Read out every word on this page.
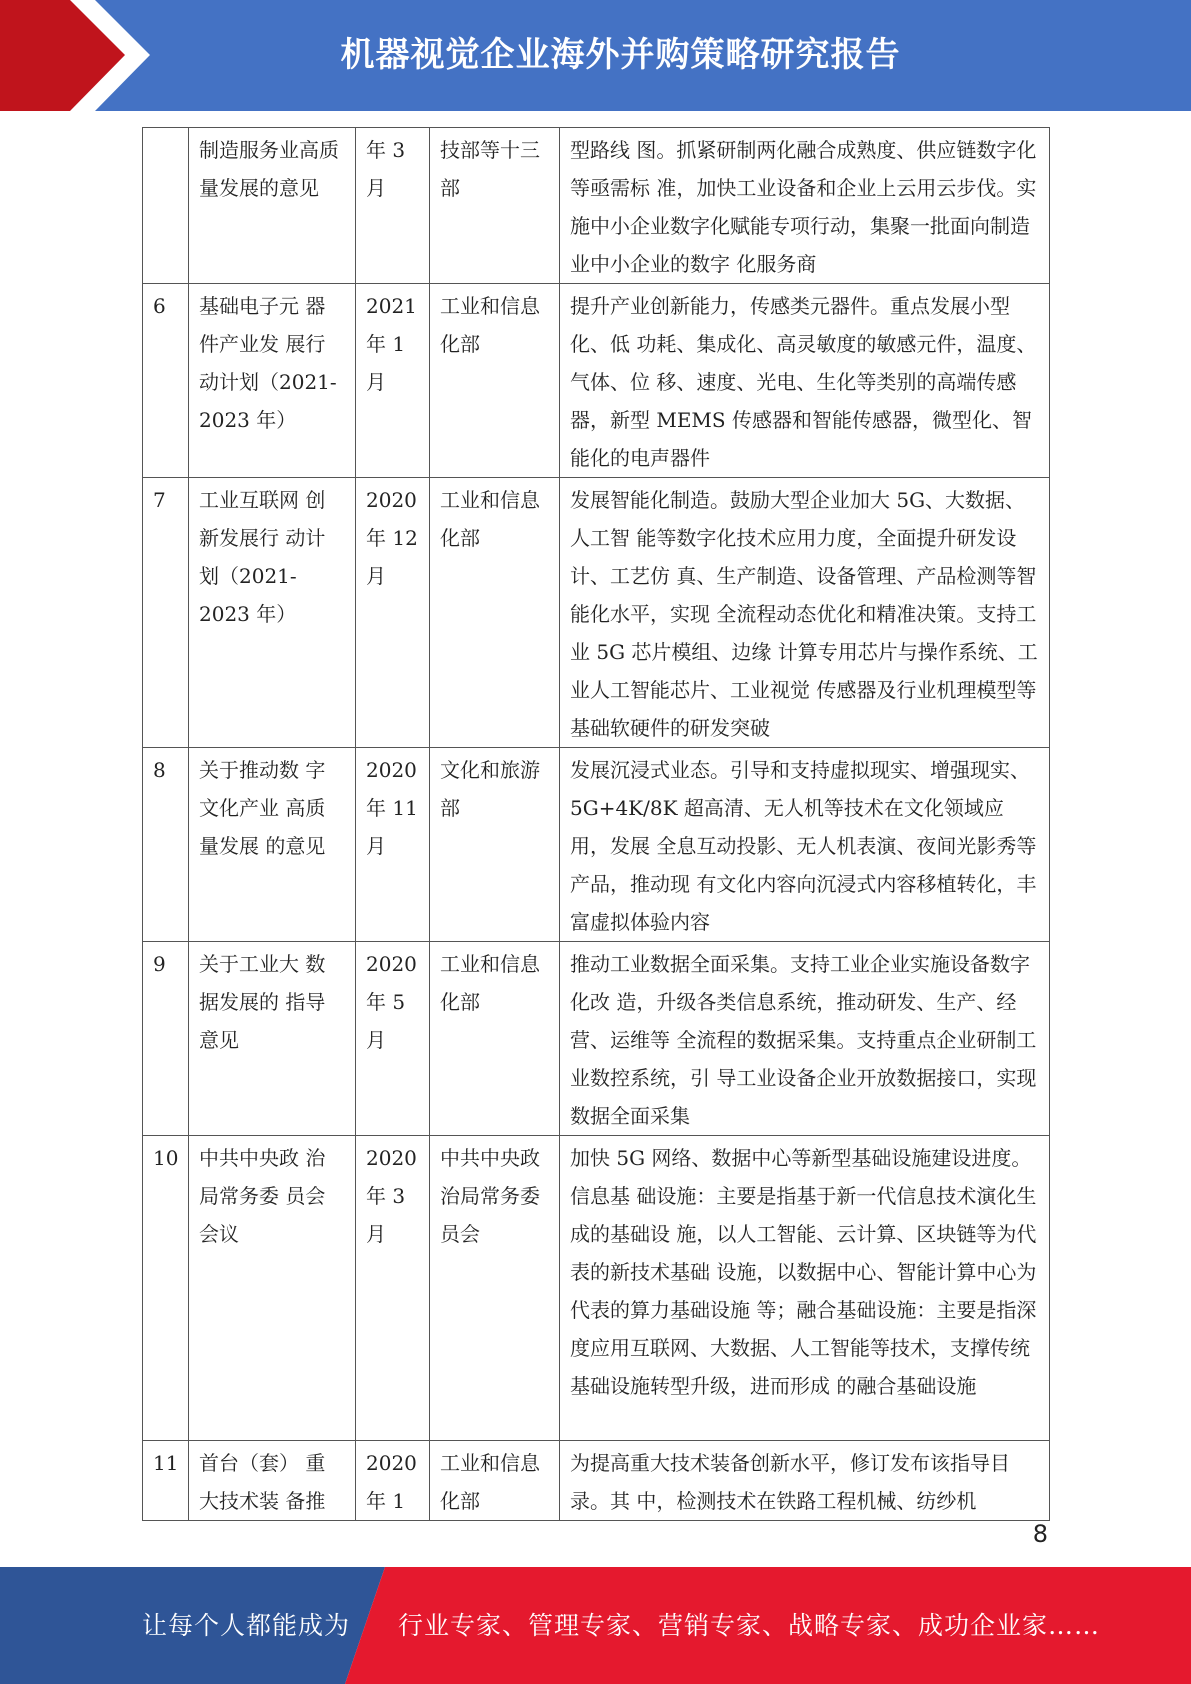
机器视觉企业海外并购策略研究报告
	制造服务业高质量发展的意见	年 3 月	技部等十三部	型路线 图。抓紧研制两化融合成熟度、供应链数字化等亟需标 准，加快工业设备和企业上云用云步伐。实施中小企业数字化赋能专项行动，集聚一批面向制造业中小企业的数字 化服务商
6	基础电子元 器件产业发 展行动计划（2021-2023 年）	2021 年 1 月	工业和信息化部	提升产业创新能力，传感类元器件。重点发展小型化、低 功耗、集成化、高灵敏度的敏感元件，温度、气体、位 移、速度、光电、生化等类别的高端传感器，新型 MEMS 传感器和智能传感器，微型化、智能化的电声器件
7	工业互联网 创新发展行 动计划（2021-2023 年）	2020 年 12 月	工业和信息化部	发展智能化制造。鼓励大型企业加大 5G、大数据、人工智 能等数字化技术应用力度，全面提升研发设计、工艺仿 真、生产制造、设备管理、产品检测等智能化水平，实现 全流程动态优化和精准决策。支持工业 5G 芯片模组、边缘 计算专用芯片与操作系统、工业人工智能芯片、工业视觉 传感器及行业机理模型等基础软硬件的研发突破
8	关于推动数 字文化产业 高质量发展 的意见	2020 年 11 月	文化和旅游部	发展沉浸式业态。引导和支持虚拟现实、增强现实、 5G+4K/8K 超高清、无人机等技术在文化领域应用，发展 全息互动投影、无人机表演、夜间光影秀等产品，推动现 有文化内容向沉浸式内容移植转化，丰富虚拟体验内容
9	关于工业大 数据发展的 指导意见	2020 年 5 月	工业和信息化部	推动工业数据全面采集。支持工业企业实施设备数字化改 造，升级各类信息系统，推动研发、生产、经营、运维等 全流程的数据采集。支持重点企业研制工业数控系统，引 导工业设备企业开放数据接口，实现数据全面采集
10	中共中央政 治局常务委 员会会议	2020 年 3 月	中共中央政治局常务委员会	加快 5G 网络、数据中心等新型基础设施建设进度。信息基 础设施：主要是指基于新一代信息技术演化生成的基础设 施，以人工智能、云计算、区块链等为代表的新技术基础 设施，以数据中心、智能计算中心为代表的算力基础设施 等；融合基础设施：主要是指深度应用互联网、大数据、人工智能等技术，支撑传统基础设施转型升级，进而形成 的融合基础设施
11	首台（套） 重大技术装 备推	2020 年 1	工业和信息化部	为提高重大技术装备创新水平，修订发布该指导目录。其 中，检测技术在铁路工程机械、纺纱机
8
让每个人都能成为 行业专家、管理专家、营销专家、战略专家、成功企业家……
